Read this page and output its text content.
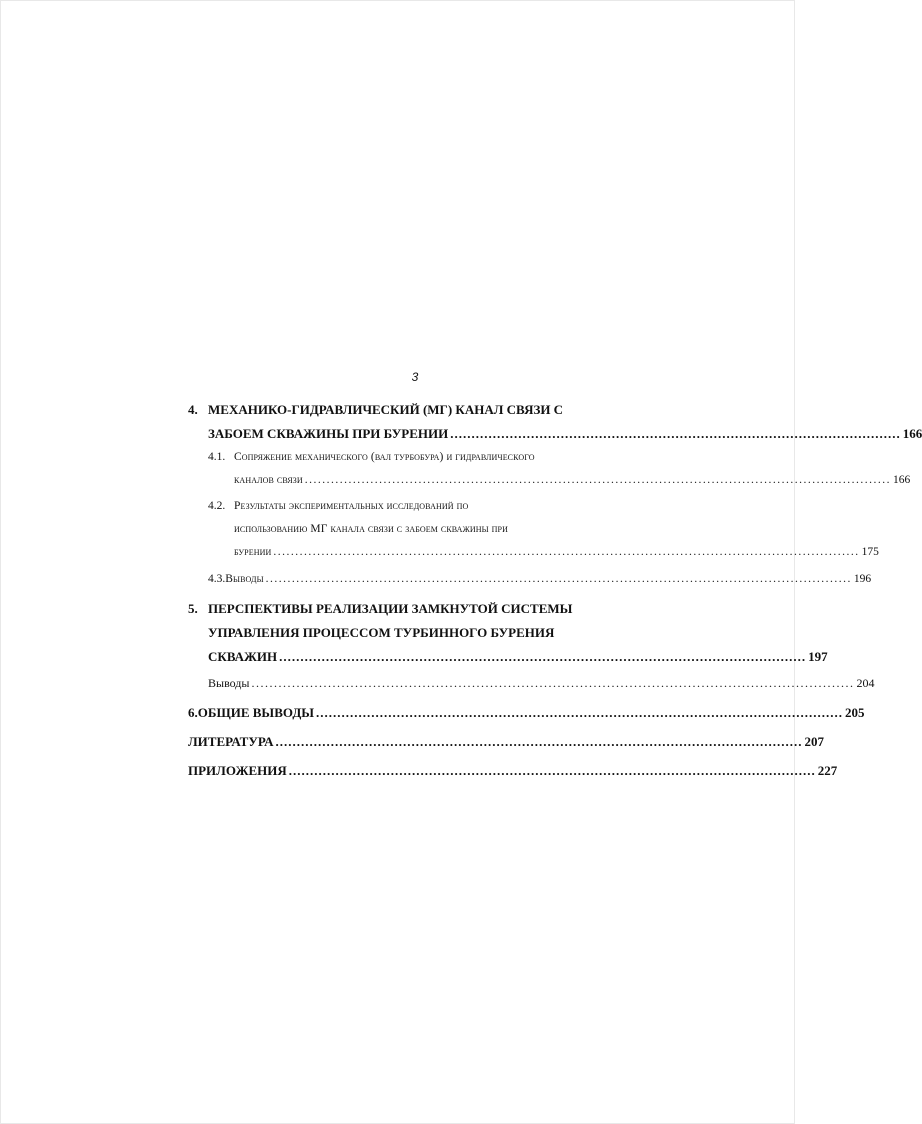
3
4. МЕХАНИКО-ГИДРАВЛИЧЕСКИЙ (МГ) КАНАЛ СВЯЗИ С
ЗАБОЕМ СКВАЖИНЫ ПРИ БУРЕНИИ .......................................................................................................... 166
4.1. Сопряжение механического (вал турбобура) и гидравлического
каналов связи ...................................................................................................................................... 166
4.2. Результаты экспериментальных исследований по
использованию МГ канала связи с забоем скважины при
бурении ...................................................................................................................................... 175
4.3. Выводы ...................................................................................................................................... 196
5. ПЕРСПЕКТИВЫ РЕАЛИЗАЦИИ ЗАМКНУТОЙ СИСТЕМЫ
УПРАВЛЕНИЯ ПРОЦЕССОМ ТУРБИННОГО БУРЕНИЯ
СКВАЖИН ............................................................................................................................ 197
Выводы ...................................................................................................................................... 204
6. ОБЩИЕ ВЫВОДЫ ............................................................................................................................ 205
ЛИТЕРАТУРА ............................................................................................................................ 207
ПРИЛОЖЕНИЯ ............................................................................................................................ 227
